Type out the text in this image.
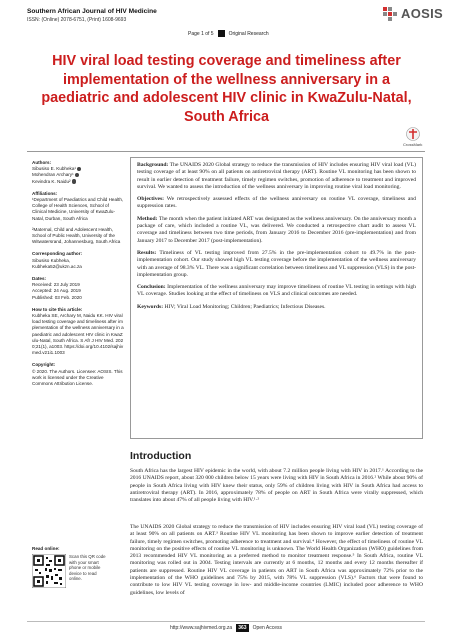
Southern African Journal of HIV Medicine
ISSN: (Online) 2078-6751, (Print) 1608-9693	AOSIS
Page 1 of 5	Original Research
HIV viral load testing coverage and timeliness after implementation of the wellness anniversary in a paediatric and adolescent HIV clinic in KwaZulu-Natal, South Africa
CrossMark
Authors:
Sibusiso E. Kubheka¹
Mohendran Archary¹
Kevindra K. Naidu²
Affiliations:
¹Department of Paediatrics and Child Health, College of Health Sciences, School of Clinical Medicine, University of KwaZulu-Natal, Durban, South Africa
²Maternal, Child and Adolescent Health, School of Public Health, University of the Witwatersrand, Johannesburg, South Africa
Corresponding author:
Sibusiso Kubheka,
Kubheka52@ukzn.ac.za
Dates:
Received: 23 July 2019
Accepted: 24 Aug. 2019
Published: 03 Feb. 2020
How to cite this article:
Kubheka SE, Archary M, Naidu KK. HIV viral load testing coverage and timeliness after implementation of the wellness anniversary in a paediatric and adolescent HIV clinic in KwaZulu-Natal, South Africa. S Afr J HIV Med. 2020;21(1), a1003. https://doi.org/10.4102/sajhivmed.v21i1.1003
Copyright:
© 2020. The Authors. Licensee: AOSIS. This work is licensed under the Creative Commons Attribution License.
Read online:
Scan this QR code with your smart phone or mobile device to read online.

Background: The UNAIDS 2020 Global strategy to reduce the transmission of HIV includes ensuring HIV viral load (VL) testing coverage of at least 90% on all patients on antiretroviral therapy (ART). Routine VL monitoring has been shown to result in earlier detection of treatment failure, timely regimen switches, promotion of adherence to treatment and improved survival. We wanted to assess the introduction of the wellness anniversary in improving routine viral load monitoring.

Objectives: We retrospectively assessed effects of the wellness anniversary on routine VL coverage, timeliness and suppression rates.

Method: The month when the patient initiated ART was designated as the wellness anniversary. On the anniversary month a package of care, which included a routine VL, was delivered. We conducted a retrospective chart audit to assess VL coverage and timeliness between two time periods, from January 2016 to December 2016 (pre-implementation) and from January 2017 to December 2017 (post-implementation).

Results: Timeliness of VL testing improved from 27.5% in the pre-implementation cohort to 49.7% in the post-implementation cohort. Our study showed high VL testing coverage before the implementation of the wellness anniversary with an average of 98.3% VL. There was a significant correlation between timeliness and VL suppression (VLS) in the post-implementation group.

Conclusion: Implementation of the wellness anniversary may improve timeliness of routine VL testing in settings with high VL coverage. Studies looking at the effect of timeliness on VLS and clinical outcomes are needed.

Keywords: HIV; Viral Load Monitoring; Children; Paediatrics; Infectious Diseases.

Introduction

South Africa has the largest HIV epidemic in the world, with about 7.2 million people living with HIV in 2017.¹ According to the 2016 UNAIDS report, about 320 000 children below 15 years were living with HIV in South Africa in 2016.² While about 90% of people in South Africa living with HIV knew their status, only 59% of children living with HIV in South Africa had access to antiretroviral therapy (ART). In 2016, approximately 78% of people on ART in South Africa were virally suppressed, which translates into about 47% of all people living with HIV.¹·²

The UNAIDS 2020 Global strategy to reduce the transmission of HIV includes ensuring HIV viral load (VL) testing coverage of at least 90% on all patients on ART.³ Routine HIV VL monitoring has been shown to improve earlier detection of treatment failure, timely regimen switches, promoting adherence to treatment and survival.⁴ However, the effect of timeliness of routine VL monitoring on the positive effects of routine VL monitoring is unknown. The World Health Organization (WHO) guidelines from 2013 recommended HIV VL monitoring as a preferred method to monitor treatment response.⁵ In South Africa, routine VL monitoring was rolled out in 2004. Testing intervals are currently at 6 months, 12 months and every 12 months thereafter if patients are suppressed. Routine HIV VL coverage in patients on ART in South Africa was approximately 72% prior to the implementation of the WHO guidelines and 75% by 2015, with 78% VL suppression (VLS).⁶ Factors that were found to contribute to low HIV VL testing coverage in low- and middle-income countries (LMIC) included poor adherence to WHO guidelines, low levels of

http://www.sajhivmed.org.za	363	Open Access
